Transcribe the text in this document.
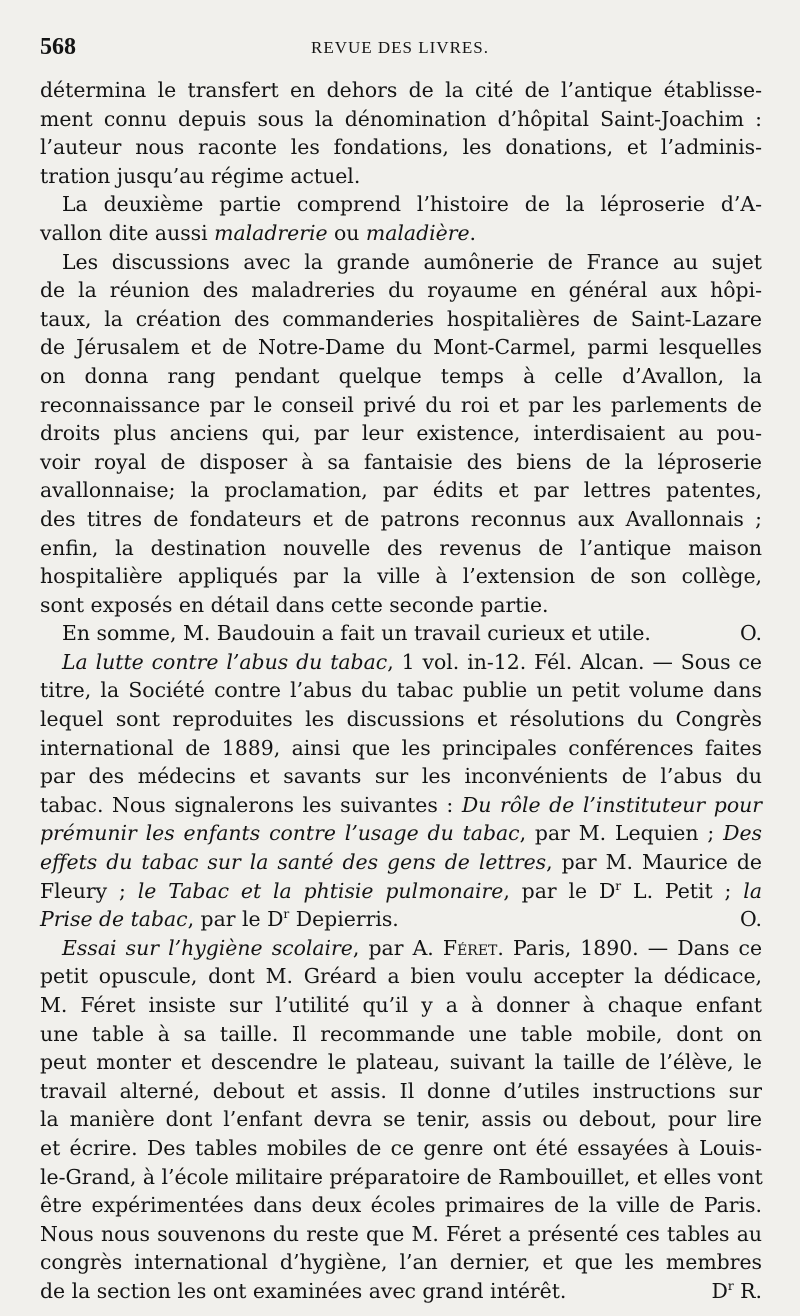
568	REVUE DES LIVRES.
détermina le transfert en dehors de la cité de l’antique établisse-
ment connu depuis sous la dénomination d’hôpital Saint-Joachim :
l’auteur nous raconte les fondations, les donations, et l’adminis-
tration jusqu’au régime actuel.
La deuxième partie comprend l’histoire de la léproserie d’A-
vallon dite aussi maladrerie ou maladière.
Les discussions avec la grande aumônerie de France au sujet
de la réunion des maladreries du royaume en général aux hôpi-
taux, la création des commanderies hospitalières de Saint-Lazare
de Jérusalem et de Notre-Dame du Mont-Carmel, parmi lesquelles
on donna rang pendant quelque temps à celle d’Avallon, la
reconnaissance par le conseil privé du roi et par les parlements de
droits plus anciens qui, par leur existence, interdisaient au pou-
voir royal de disposer à sa fantaisie des biens de la léproserie
avallonnaise; la proclamation, par édits et par lettres patentes,
des titres de fondateurs et de patrons reconnus aux Avallonnais ;
enfin, la destination nouvelle des revenus de l’antique maison
hospitalière appliqués par la ville à l’extension de son collège,
sont exposés en détail dans cette seconde partie.
En somme, M. Baudouin a fait un travail curieux et utile.	O.
La lutte contre l’abus du tabac, 1 vol. in-12. Fél. Alcan. — Sous ce
titre, la Société contre l’abus du tabac publie un petit volume dans
lequel sont reproduites les discussions et résolutions du Congrès
international de 1889, ainsi que les principales conférences faites
par des médecins et savants sur les inconvénients de l’abus du
tabac. Nous signalerons les suivantes : Du rôle de l’instituteur pour
prémunir les enfants contre l’usage du tabac, par M. Lequien ; Des
effets du tabac sur la santé des gens de lettres, par M. Maurice de
Fleury ; le Tabac et la phtisie pulmonaire, par le $D^r$ L. Petit ; la
Prise de tabac, par le $D^r$ Depierris.	O.
Essai sur l’hygiène scolaire, par A. Féret. Paris, 1890. — Dans ce
petit opuscule, dont M. Gréard a bien voulu accepter la dédicace,
M. Féret insiste sur l’utilité qu’il y a à donner à chaque enfant
une table à sa taille. Il recommande une table mobile, dont on
peut monter et descendre le plateau, suivant la taille de l’élève, le
travail alterné, debout et assis. Il donne d’utiles instructions sur
la manière dont l’enfant devra se tenir, assis ou debout, pour lire
et écrire. Des tables mobiles de ce genre ont été essayées à Louis-
le-Grand, à l’école militaire préparatoire de Rambouillet, et elles vont
être expérimentées dans deux écoles primaires de la ville de Paris.
Nous nous souvenons du reste que M. Féret a présenté ces tables au
congrès international d’hygiène, l’an dernier, et que les membres
de la section les ont examinées avec grand intérêt.	$D^r$ R.
